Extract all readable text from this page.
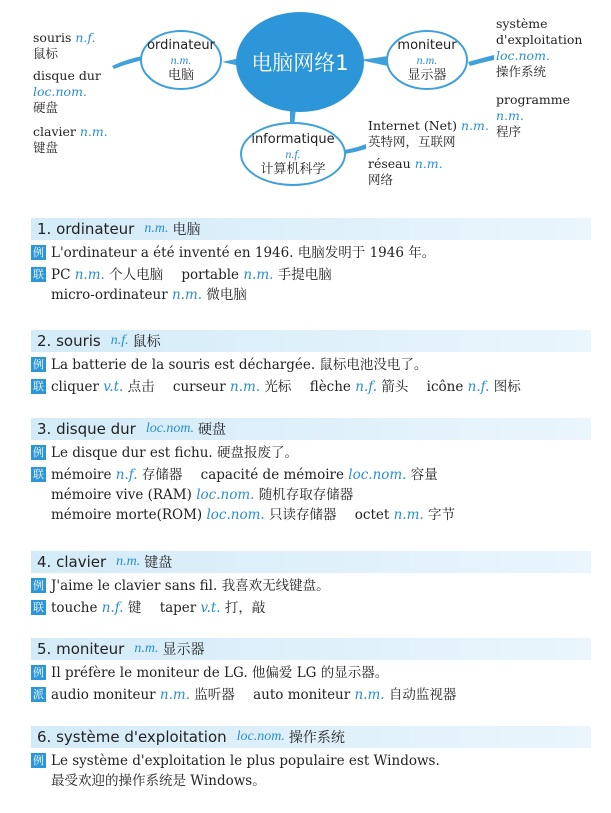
souris n.f.
鼠标
disque dur
loc.nom.
硬盘
clavier n.m.
键盘
ordinateur
n.m.
电脑	电脑网络1
moniteur
n.m.
显示器
informatique
n.f.
计算机科学
système
d'exploitation
loc.nom.
操作系统
programme
n.m.
程序
Internet (Net) n.m.
英特网，互联网
réseau n.m.
网络
1.
ordinateur n.m. 电脑
例 L'ordinateur a été inventé en 1946. 电脑发明于 1946 年。
联 PC n.m. 个人电脑 portable n.m. 手提电脑
micro-ordinateur n.m. 微电脑
2.
souris n.f. 鼠标
例 La batterie de la souris est déchargée. 鼠标电池没电了。
联 cliquer v.t. 点击 curseur n.m. 光标 flèche n.f. 箭头 icône n.f. 图标
3.
disque dur loc.nom. 硬盘
例 Le disque dur est fichu. 硬盘报废了。
联 mémoire n.f. 存储器 capacité de mémoire loc.nom. 容量
mémoire vive (RAM) loc.nom. 随机存取存储器
mémoire morte(ROM) loc.nom. 只读存储器 octet n.m. 字节
4.
clavier n.m. 键盘
例 J'aime le clavier sans fil. 我喜欢无线键盘。
联 touche n.f. 键 taper v.t. 打，敲
5.
moniteur n.m. 显示器
例 Il préfère le moniteur de LG. 他偏爱 LG 的显示器。
派 audio moniteur n.m. 监听器 auto moniteur n.m. 自动监视器
6.
système d'exploitation loc.nom. 操作系统
例 Le système d'exploitation le plus populaire est Windows.
最受欢迎的操作系统是 Windows。
